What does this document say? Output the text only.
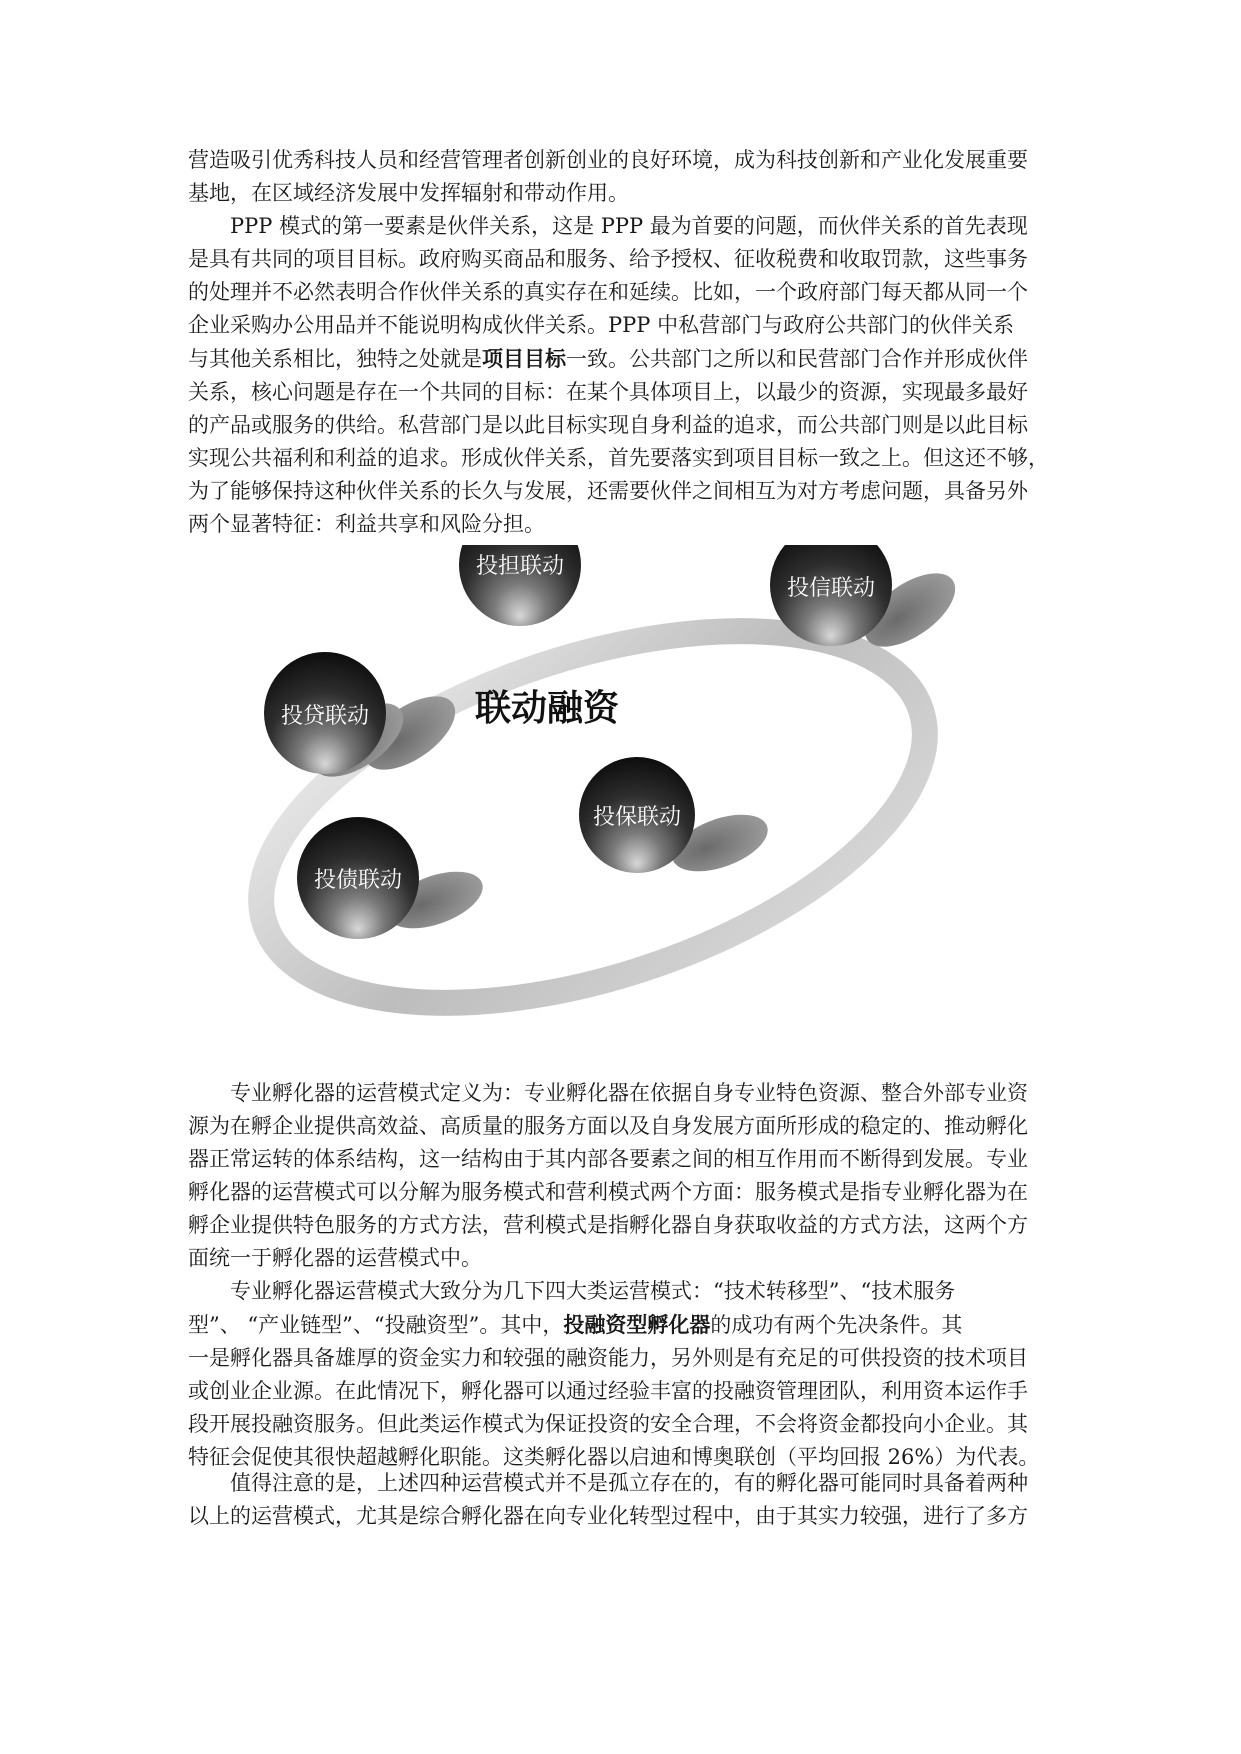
营造吸引优秀科技人员和经营管理者创新创业的良好环境，成为科技创新和产业化发展重要
基地，在区域经济发展中发挥辐射和带动作用。

PPP 模式的第一要素是伙伴关系，这是 PPP 最为首要的问题，而伙伴关系的首先表现
是具有共同的项目目标。政府购买商品和服务、给予授权、征收税费和收取罚款，这些事务
的处理并不必然表明合作伙伴关系的真实存在和延续。比如，一个政府部门每天都从同一个
企业采购办公用品并不能说明构成伙伴关系。PPP 中私营部门与政府公共部门的伙伴关系
与其他关系相比，独特之处就是项目目标一致。公共部门之所以和民营部门合作并形成伙伴
关系，核心问题是存在一个共同的目标：在某个具体项目上，以最少的资源，实现最多最好
的产品或服务的供给。私营部门是以此目标实现自身利益的追求，而公共部门则是以此目标
实现公共福利和利益的追求。形成伙伴关系，首先要落实到项目目标一致之上。但这还不够，
为了能够保持这种伙伴关系的长久与发展，还需要伙伴之间相互为对方考虑问题，具备另外
两个显著特征：利益共享和风险分担。

联动融资
投担联动
投信联动
投贷联动
投保联动
投债联动

专业孵化器的运营模式定义为：专业孵化器在依据自身专业特色资源、整合外部专业资
源为在孵企业提供高效益、高质量的服务方面以及自身发展方面所形成的稳定的、推动孵化
器正常运转的体系结构，这一结构由于其内部各要素之间的相互作用而不断得到发展。专业
孵化器的运营模式可以分解为服务模式和营利模式两个方面：服务模式是指专业孵化器为在
孵企业提供特色服务的方式方法，营利模式是指孵化器自身获取收益的方式方法，这两个方
面统一于孵化器的运营模式中。

专业孵化器运营模式大致分为几下四大类运营模式：“技术转移型”、“技术服务
型”、 “产业链型”、“投融资型”。其中，投融资型孵化器的成功有两个先决条件。其
一是孵化器具备雄厚的资金实力和较强的融资能力，另外则是有充足的可供投资的技术项目
或创业企业源。在此情况下，孵化器可以通过经验丰富的投融资管理团队，利用资本运作手
段开展投融资服务。但此类运作模式为保证投资的安全合理，不会将资金都投向小企业。其
特征会促使其很快超越孵化职能。这类孵化器以启迪和博奥联创（平均回报 26%）为代表。

值得注意的是，上述四种运营模式并不是孤立存在的，有的孵化器可能同时具备着两种
以上的运营模式，尤其是综合孵化器在向专业化转型过程中，由于其实力较强，进行了多方
